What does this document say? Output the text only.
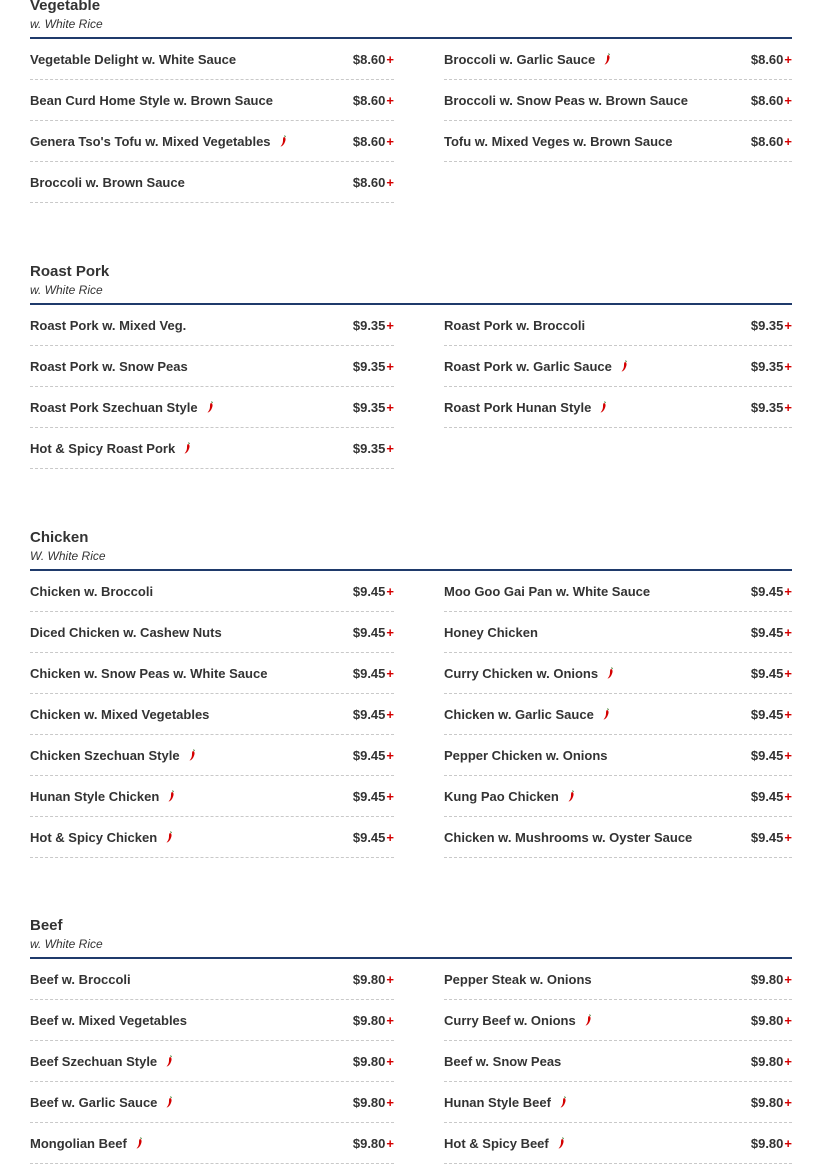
Vegetable
w. White Rice
Vegetable Delight w. White Sauce	$8.60 +
Bean Curd Home Style w. Brown Sauce	$8.60 +
Genera Tso's Tofu w. Mixed Vegetables	$8.60 +
Broccoli w. Brown Sauce	$8.60 +
Broccoli w. Garlic Sauce	$8.60 +
Broccoli w. Snow Peas w. Brown Sauce	$8.60 +
Tofu w. Mixed Veges w. Brown Sauce	$8.60 +
Roast Pork
w. White Rice
Roast Pork w. Mixed Veg.	$9.35 +
Roast Pork w. Snow Peas	$9.35 +
Roast Pork Szechuan Style	$9.35 +
Hot & Spicy Roast Pork	$9.35 +
Roast Pork w. Broccoli	$9.35 +
Roast Pork w. Garlic Sauce	$9.35 +
Roast Pork Hunan Style	$9.35 +
Chicken
W. White Rice
Chicken w. Broccoli	$9.45 +
Diced Chicken w. Cashew Nuts	$9.45 +
Chicken w. Snow Peas w. White Sauce	$9.45 +
Chicken w. Mixed Vegetables	$9.45 +
Chicken Szechuan Style	$9.45 +
Hunan Style Chicken	$9.45 +
Hot & Spicy Chicken	$9.45 +
Moo Goo Gai Pan w. White Sauce	$9.45 +
Honey Chicken	$9.45 +
Curry Chicken w. Onions	$9.45 +
Chicken w. Garlic Sauce	$9.45 +
Pepper Chicken w. Onions	$9.45 +
Kung Pao Chicken	$9.45 +
Chicken w. Mushrooms w. Oyster Sauce	$9.45 +
Beef
w. White Rice
Beef w. Broccoli	$9.80 +
Beef w. Mixed Vegetables	$9.80 +
Beef Szechuan Style	$9.80 +
Beef w. Garlic Sauce	$9.80 +
Mongolian Beef	$9.80 +
Pepper Steak w. Onions	$9.80 +
Curry Beef w. Onions	$9.80 +
Beef w. Snow Peas	$9.80 +
Hunan Style Beef	$9.80 +
Hot & Spicy Beef	$9.80 +
